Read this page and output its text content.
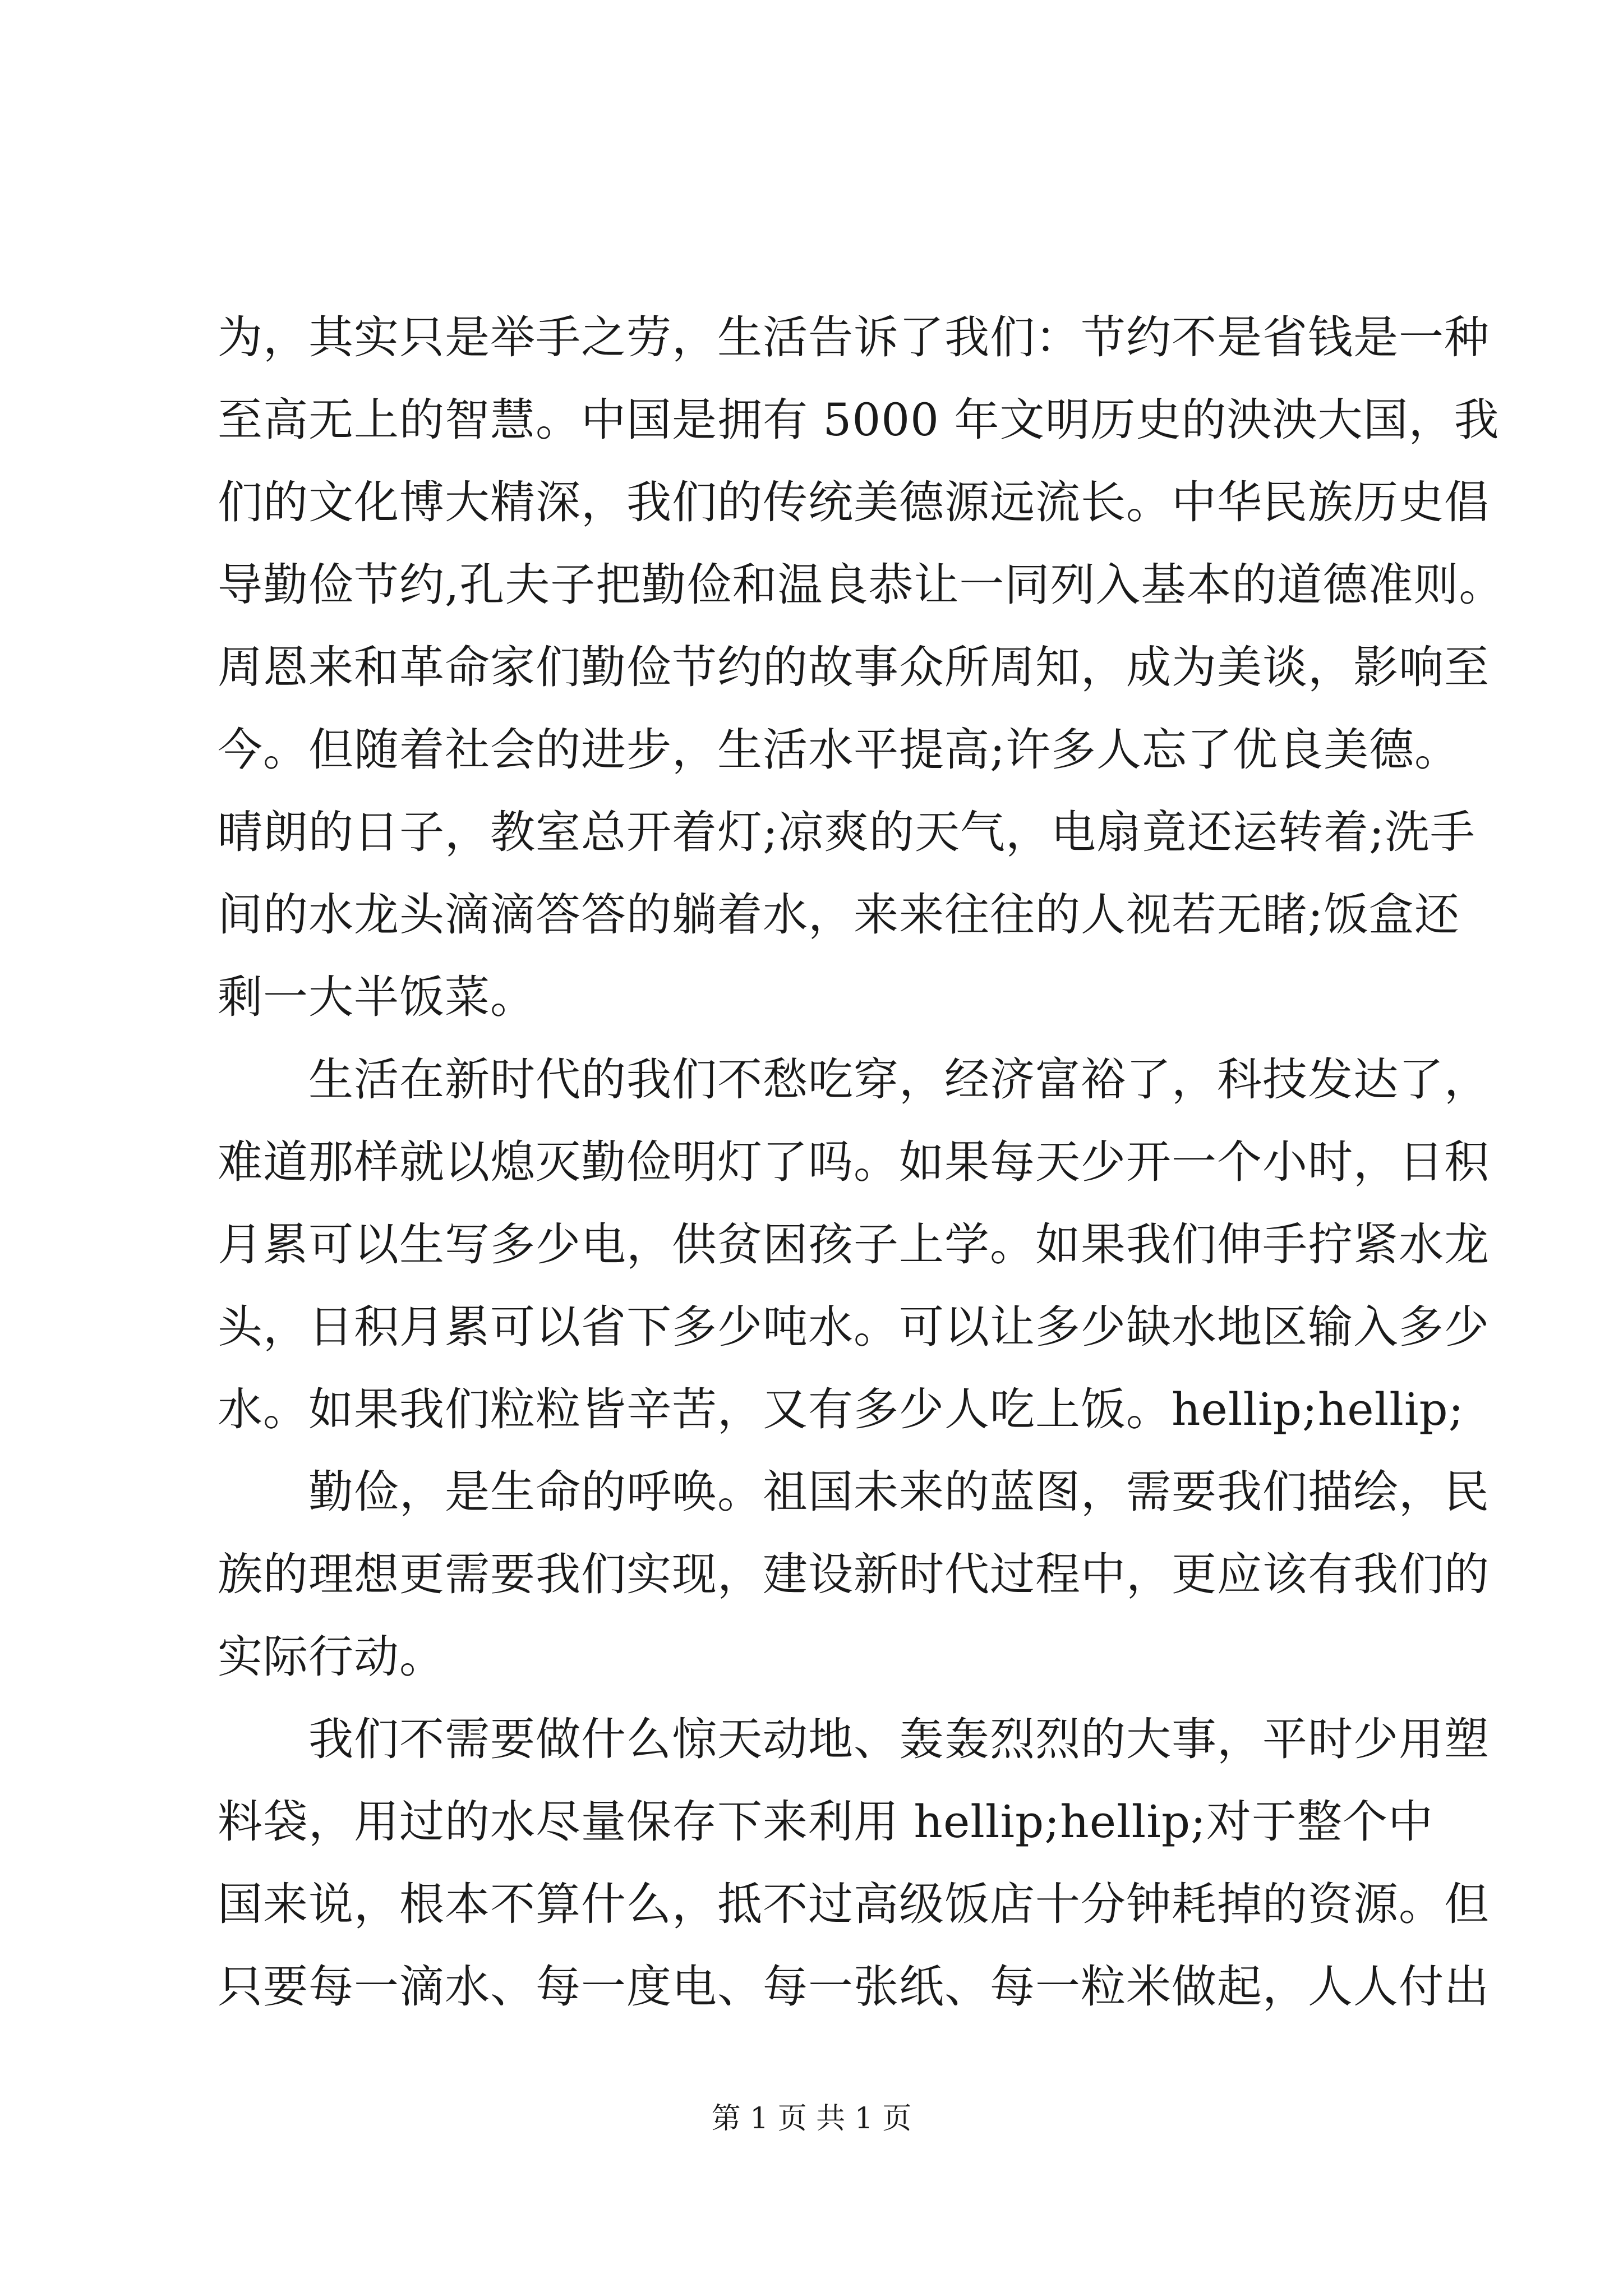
为，其实只是举手之劳，生活告诉了我们：节约不是省钱是一种
至高无上的智慧。中国是拥有 5000 年文明历史的泱泱大国，我
们的文化博大精深，我们的传统美德源远流长。中华民族历史倡
导勤俭节约,孔夫子把勤俭和温良恭让一同列入基本的道德准则。
周恩来和革命家们勤俭节约的故事众所周知，成为美谈，影响至
今。但随着社会的进步，生活水平提高;许多人忘了优良美德。
晴朗的日子，教室总开着灯;凉爽的天气，电扇竟还运转着;洗手
间的水龙头滴滴答答的躺着水，来来往往的人视若无睹;饭盒还
剩一大半饭菜。
生活在新时代的我们不愁吃穿，经济富裕了，科技发达了，
难道那样就以熄灭勤俭明灯了吗。如果每天少开一个小时，日积
月累可以生写多少电，供贫困孩子上学。如果我们伸手拧紧水龙
头，日积月累可以省下多少吨水。可以让多少缺水地区输入多少
水。如果我们粒粒皆辛苦，又有多少人吃上饭。hellip;hellip;
勤俭，是生命的呼唤。祖国未来的蓝图，需要我们描绘，民
族的理想更需要我们实现，建设新时代过程中，更应该有我们的
实际行动。
我们不需要做什么惊天动地、轰轰烈烈的大事，平时少用塑
料袋，用过的水尽量保存下来利用 hellip;hellip;对于整个中
国来说，根本不算什么，抵不过高级饭店十分钟耗掉的资源。但
只要每一滴水、每一度电、每一张纸、每一粒米做起，人人付出
第 1 页 共 1 页
